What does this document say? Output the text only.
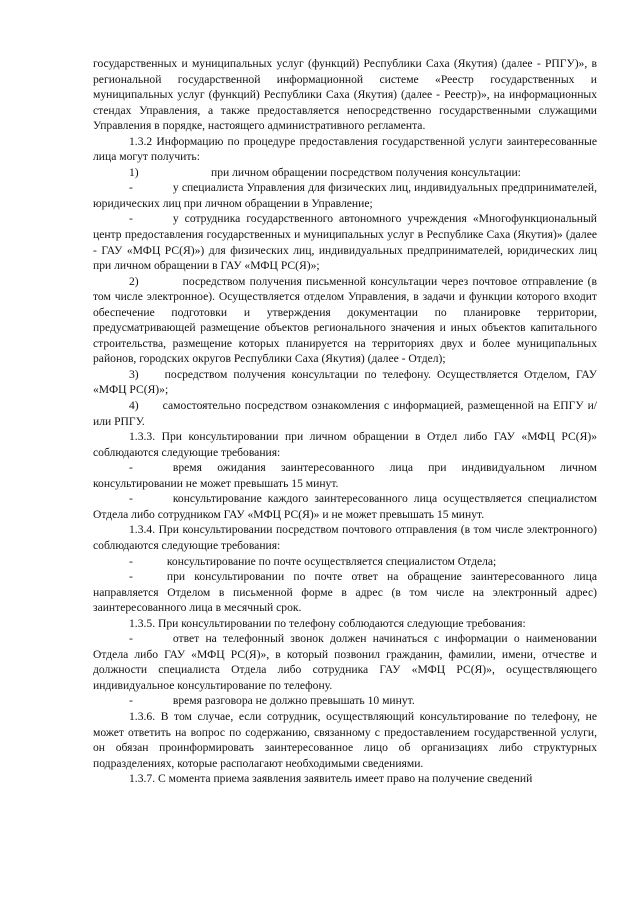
государственных и муниципальных услуг (функций) Республики Саха (Якутия) (далее - РПГУ)», в региональной государственной информационной системе «Реестр государственных и муниципальных услуг (функций) Республики Саха (Якутия) (далее - Реестр)», на информационных стендах Управления, а также предоставляется непосредственно государственными служащими Управления в порядке, настоящего административного регламента.

1.3.2 Информацию по процедуре предоставления государственной услуги заинтересованные лица могут получить:

1)	при личном обращении посредством получения консультации:

-	у специалиста Управления для физических лиц, индивидуальных предпринимателей, юридических лиц при личном обращении в Управление;

-	у сотрудника государственного автономного учреждения «Многофункциональный центр предоставления государственных и муниципальных услуг в Республике Саха (Якутия)» (далее - ГАУ «МФЦ РС(Я)») для физических лиц, индивидуальных предпринимателей, юридических лиц при личном обращении в ГАУ «МФЦ РС(Я)»;

2)	посредством получения письменной консультации через почтовое отправление (в том числе электронное). Осуществляется отделом Управления, в задачи и функции которого входит обеспечение подготовки и утверждения документации по планировке территории, предусматривающей размещение объектов регионального значения и иных объектов капитального строительства, размещение которых планируется на территориях двух и более муниципальных районов, городских округов Республики Саха (Якутия) (далее - Отдел);

3) посредством получения консультации по телефону. Осуществляется Отделом, ГАУ «МФЦ РС(Я)»;

4) самостоятельно посредством ознакомления с информацией, размещенной на ЕПГУ и/или РПГУ.

1.3.3. При консультировании при личном обращении в Отдел либо ГАУ «МФЦ РС(Я)» соблюдаются следующие требования:

-	время ожидания заинтересованного лица при индивидуальном личном консультировании не может превышать 15 минут.

-	консультирование каждого заинтересованного лица осуществляется специалистом Отдела либо сотрудником ГАУ «МФЦ РС(Я)» и не может превышать 15 минут.

1.3.4. При консультировании посредством почтового отправления (в том числе электронного) соблюдаются следующие требования:

-	консультирование по почте осуществляется специалистом Отдела;

-	при консультировании по почте ответ на обращение заинтересованного лица направляется Отделом в письменной форме в адрес (в том числе на электронный адрес) заинтересованного лица в месячный срок.

1.3.5. При консультировании по телефону соблюдаются следующие требования:

-	ответ на телефонный звонок должен начинаться с информации о наименовании Отдела либо ГАУ «МФЦ РС(Я)», в который позвонил гражданин, фамилии, имени, отчестве и должности специалиста Отдела либо сотрудника ГАУ «МФЦ РС(Я)», осуществляющего индивидуальное консультирование по телефону.

-	время разговора не должно превышать 10 минут.

1.3.6. В том случае, если сотрудник, осуществляющий консультирование по телефону, не может ответить на вопрос по содержанию, связанному с предоставлением государственной услуги, он обязан проинформировать заинтересованное лицо об организациях либо структурных подразделениях, которые располагают необходимыми сведениями.

1.3.7. С момента приема заявления заявитель имеет право на получение сведений
